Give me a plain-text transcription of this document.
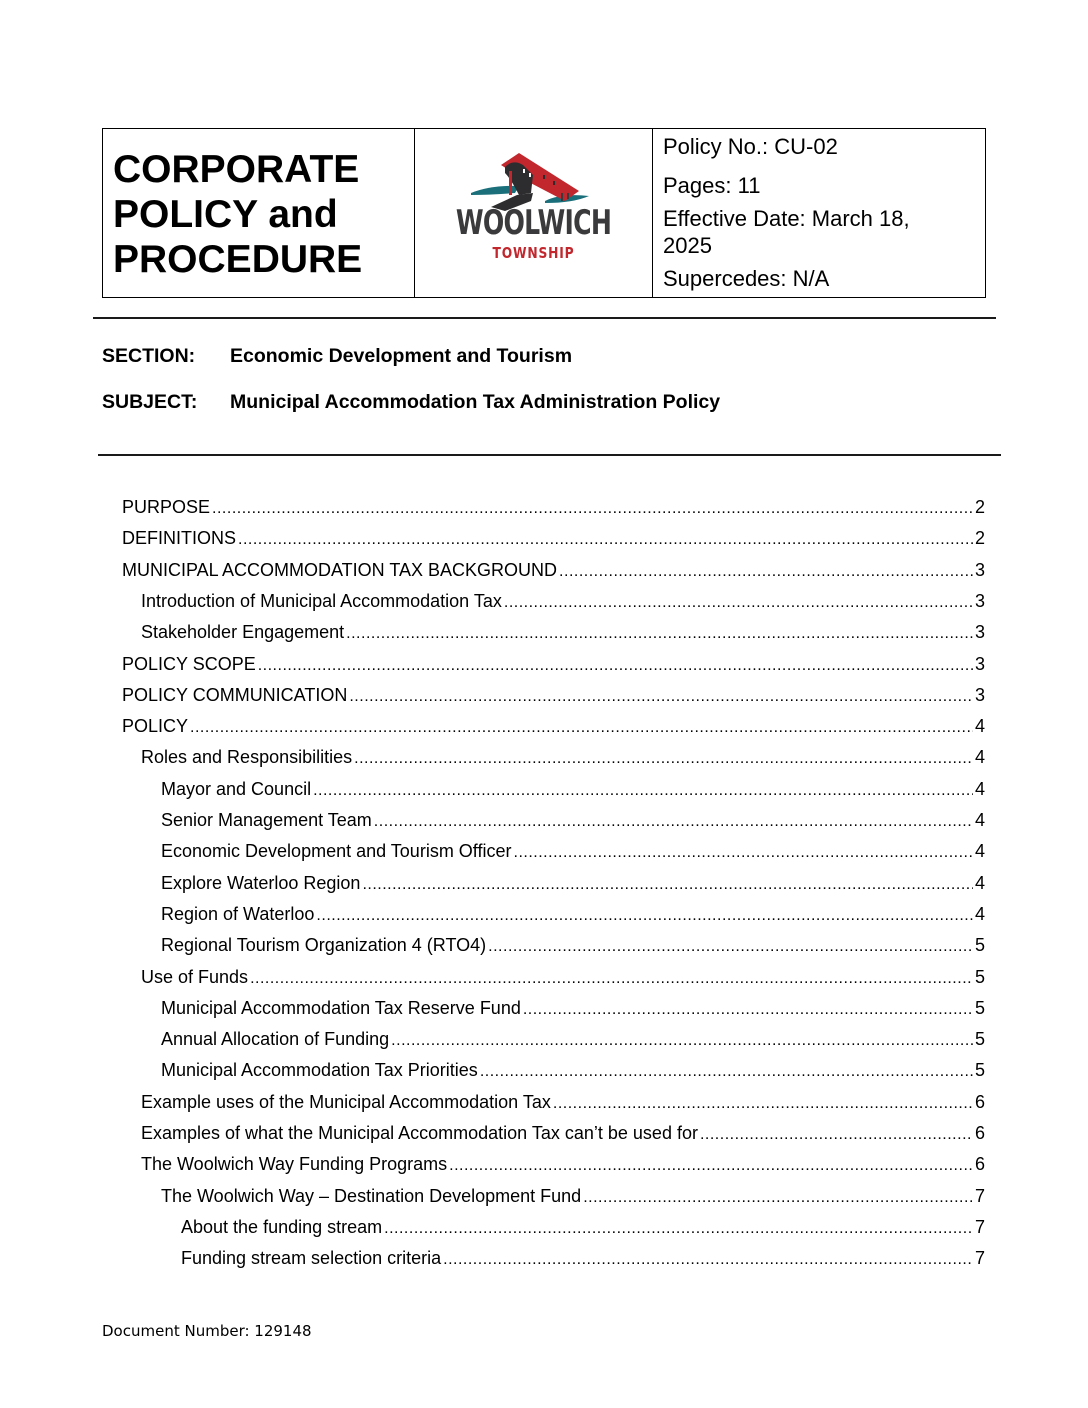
CORPORATE
POLICY and
PROCEDURE
WOOLWICH
TOWNSHIP
Policy No.: CU-02
Pages: 11
Effective Date: March 18,
2025
Supercedes: N/A
SECTION: Economic Development and Tourism
SUBJECT: Municipal Accommodation Tax Administration Policy
PURPOSE .....	2
DEFINITIONS .....	2
MUNICIPAL ACCOMMODATION TAX BACKGROUND .....	3
Introduction of Municipal Accommodation Tax .....	3
Stakeholder Engagement .....	3
POLICY SCOPE .....	3
POLICY COMMUNICATION .....	3
POLICY .....	4
Roles and Responsibilities .....	4
Mayor and Council .....	4
Senior Management Team .....	4
Economic Development and Tourism Officer .....	4
Explore Waterloo Region .....	4
Region of Waterloo .....	4
Regional Tourism Organization 4 (RTO4) .....	5
Use of Funds .....	5
Municipal Accommodation Tax Reserve Fund .....	5
Annual Allocation of Funding .....	5
Municipal Accommodation Tax Priorities .....	5
Example uses of the Municipal Accommodation Tax .....	6
Examples of what the Municipal Accommodation Tax can’t be used for .....	6
The Woolwich Way Funding Programs .....	6
The Woolwich Way – Destination Development Fund .....	7
About the funding stream .....	7
Funding stream selection criteria .....	7
Document Number: 129148
